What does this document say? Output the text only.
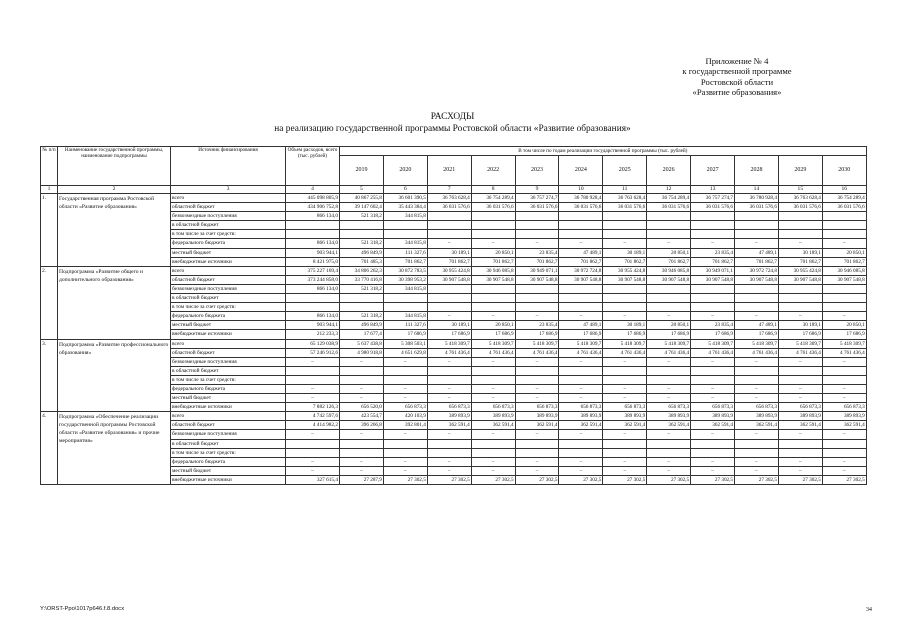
Приложение № 4
к государственной программе
Ростовской области
«Развитие образования»
РАСХОДЫ
на реализацию государственной программы Ростовской области «Развитие образования»
№ п/п	Наименование государственной программы, наименование подпрограммы	Источник финансирования	Объем расходов, всего (тыс. рублей)	В том числе по годам реализации государственной программы (тыс. рублей)											
				2019	2020	2021	2022	2023	2024	2025	2026	2027	2028	2029	2030
1	2	3	4	5	6	7	8	9	10	11	12	13	14	15	16
1.	Государственная программа Ростовской области «Развитие образования»	всего	445 098 805,9	40 867 255,8	36 601 390,5	36 763 628,4	36 754 289,4	36 757 274,7	36 780 928,4	36 763 628,4	36 754 289,4	36 757 274,7	36 780 928,4	36 763 628,4	36 754 289,4
		областной бюджет	434 906 752,8	39 147 602,4	35 443 384,4	36 031 576,6	36 031 576,6	36 031 576,6	36 031 576,6	36 031 576,6	36 031 576,6	36 031 576,6	36 031 576,6	36 031 576,6	36 031 576,6
		безвозмездные поступления	866 134,0	521 318,2	344 815,8										
		в областной бюджет													
		в том числе за счет средств:													
		федерального бюджета	866 134,0	521 318,2	344 815,8	–	–	–	–	–	–	–	–	–	–
		местный бюджет	903 944,1	496 849,9	111 327,6	30 189,1	20 850,1	23 835,4	47 489,1	30 189,1	20 850,1	23 835,4	47 489,1	30 189,1	20 850,1
		внебюджетные источники	8 421 975,0	701 485,3	701 862,7	701 862,7	701 862,7	701 862,7	701 862,7	701 862,7	701 862,7	701 862,7	701 862,7	701 862,7	701 862,7
2.	Подпрограмма «Развитие общего и дополнительного образования»	всего	375 227 169,4	34 806 262,3	30 872 783,5	30 955 424,8	30 946 085,8	30 949 071,1	30 972 724,8	30 955 424,8	30 946 085,8	30 949 071,1	30 972 724,8	30 955 424,8	30 946 085,8
		областной бюджет	373 244 858,0	33 770 416,8	30 398 953,2	30 907 548,8	30 907 548,8	30 907 548,8	30 907 548,8	30 907 548,8	30 907 548,8	30 907 548,8	30 907 548,8	30 907 548,8	30 907 548,8
		безвозмездные поступления	866 134,0	521 318,2	344 815,8										
		в областной бюджет													
		в том числе за счет средств:													
		федерального бюджета	866 134,0	521 318,2	344 815,8	–	–	–	–	–	–	–	–	–	–
		местный бюджет	903 944,1	496 849,9	111 327,6	30 189,1	20 850,1	23 835,4	47 489,1	30 189,1	20 850,1	23 835,4	47 489,1	30 189,1	20 850,1
		внебюджетные источники	212 233,3	17 677,4	17 686,9	17 686,9	17 686,9	17 686,9	17 686,9	17 686,9	17 686,9	17 686,9	17 686,9	17 686,9	17 686,9
3.	Подпрограмма «Развитие профессионального образования»	всего	65 129 038,9	5 637 438,8	5 308 503,1	5 418 309,7	5 418 309,7	5 418 309,7	5 418 309,7	5 418 309,7	5 418 309,7	5 418 309,7	5 418 309,7	5 418 309,7	5 418 309,7
		областной бюджет	57 246 912,6	4 980 918,8	4 651 629,8	4 761 436,4	4 761 436,4	4 761 436,4	4 761 436,4	4 761 436,4	4 761 436,4	4 761 436,4	4 761 436,4	4 761 436,4	4 761 436,4
		безвозмездные поступления	–	–	–	–	–	–	–	–	–	–	–	–	–
		в областной бюджет													
		в том числе за счет средств:													
		федерального бюджета	–	–	–	–	–	–	–	–	–	–	–	–	–
		местный бюджет	–	–	–	–	–	–	–	–	–	–	–	–	–
		внебюджетные источники	7 882 126,3	656 520,0	656 873,3	656 873,3	656 873,3	656 873,3	656 873,3	656 873,3	656 873,3	656 873,3	656 873,3	656 873,3	656 873,3
4.	Подпрограмма «Обеспечение реализации государственной программы Ростовской области «Развитие образования» и прочие мероприятия»	всего	4 742 597,6	423 554,7	420 103,9	389 893,9	389 893,9	389 893,9	389 893,9	389 893,9	389 893,9	389 893,9	389 893,9	389 893,9	389 893,9
		областной бюджет	4 414 982,2	396 266,8	392 801,4	362 591,4	362 591,4	362 591,4	362 591,4	362 591,4	362 591,4	362 591,4	362 591,4	362 591,4	362 591,4
		безвозмездные поступления	–	–	–	–	–	–	–	–	–	–	–	–	–
		в областной бюджет													
		в том числе за счет средств:													
		федерального бюджета	–	–	–	–	–	–	–	–	–	–	–	–	–
		местный бюджет	–	–	–	–	–	–	–	–	–	–	–	–	–
		внебюджетные источники	327 615,4	27 287,9	27 302,5	27 302,5	27 302,5	27 302,5	27 302,5	27 302,5	27 302,5	27 302,5	27 302,5	27 302,5	27 302,5
Y:\ORST-Ppo\1017p646.f.8.docx	34
